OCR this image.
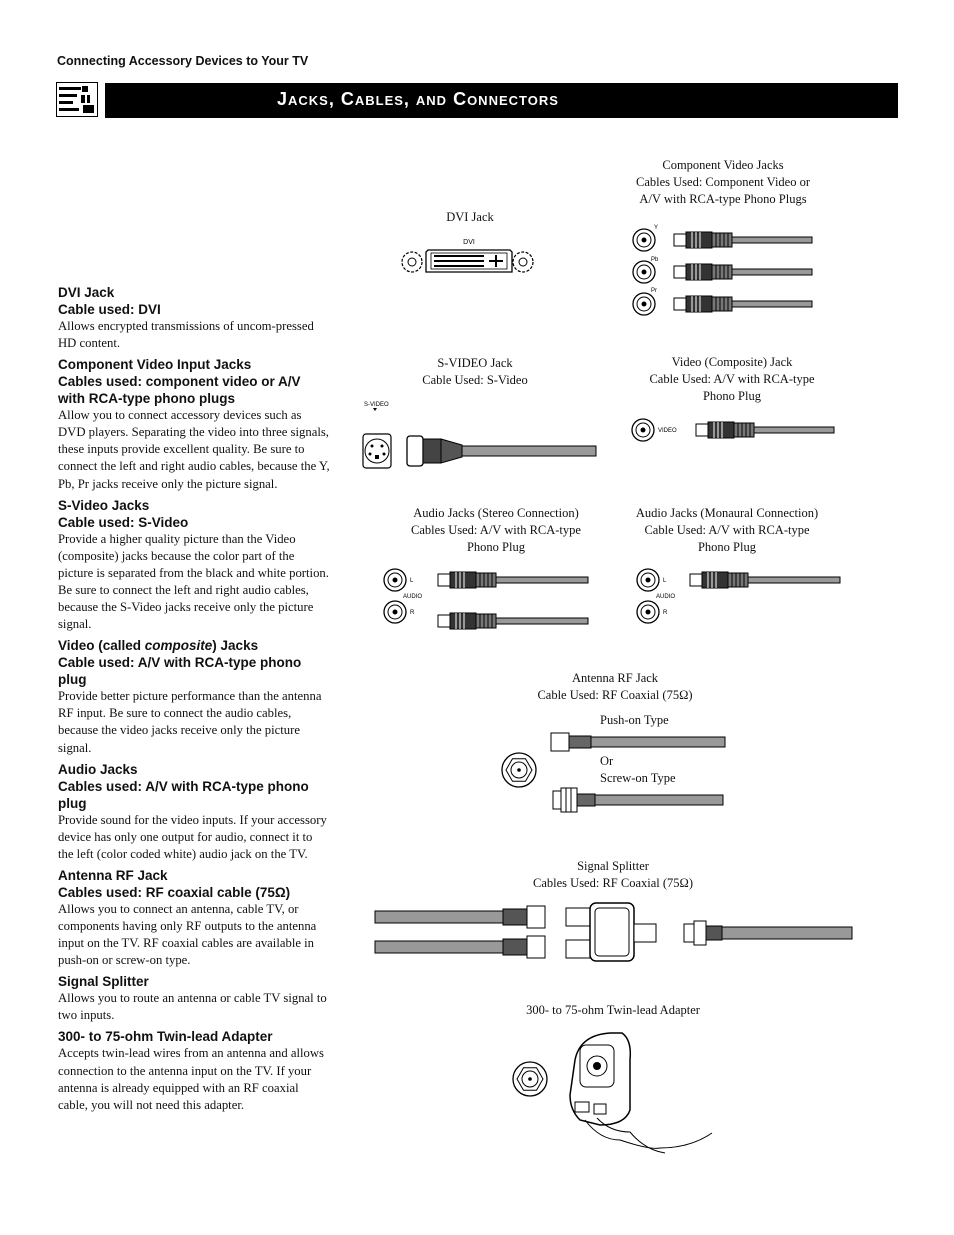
Connecting Accessory Devices to Your TV
Jacks, Cables, and Connectors
DVI Jack
Cable used: DVI

Allows encrypted transmissions of uncom-pressed HD content.

Component Video Input Jacks
Cables used: component video or A/V with RCA-type phono plugs

Allow you to connect accessory devices such as DVD players. Separating the video into three signals, these inputs provide excellent quality. Be sure to connect the left and right audio cables, because the Y, Pb, Pr jacks receive only the picture signal.

S-Video Jacks
Cable used: S-Video

Provide a higher quality picture than the Video (composite) jacks because the color part of the picture is separated from the black and white portion. Be sure to connect the left and right audio cables, because the S-Video jacks receive only the picture signal.

Video (called composite) Jacks
Cable used: A/V with RCA-type phono plug

Provide better picture performance than the antenna RF input. Be sure to connect the audio cables, because the video jacks receive only the picture signal.

Audio Jacks
Cables used: A/V with RCA-type phono plug

Provide sound for the video inputs. If your accessory device has only one output for audio, connect it to the left (color coded white) audio jack on the TV.

Antenna RF Jack
Cables used: RF coaxial cable (75Ω)

Allows you to connect an antenna, cable TV, or components having only RF outputs to the antenna input on the TV. RF coaxial cables are available in push-on or screw-on type.

Signal Splitter

Allows you to route an antenna or cable TV signal to two inputs.

300- to 75-ohm Twin-lead Adapter

Accepts twin-lead wires from an antenna and allows connection to the antenna input on the TV. If your antenna is already equipped with an RF coaxial cable, you will not need this adapter.

Component Video Jacks
Cables Used: Component Video or
A/V with RCA-type Phono Plugs
DVI Jack
S-VIDEO Jack
Cable Used: S-Video
Video (Composite) Jack
Cable Used: A/V with RCA-type
Phono Plug
Audio Jacks (Stereo Connection)
Cables Used: A/V with RCA-type
Phono Plug
Audio Jacks (Monaural Connection)
Cable Used: A/V with RCA-type
Phono Plug
Antenna RF Jack
Cable Used: RF Coaxial (75Ω)
Push-on Type
Or
Screw-on Type
Signal Splitter
Cables Used: RF Coaxial (75Ω)
300- to 75-ohm Twin-lead Adapter
DVI
Y
Pb
Pr
S-VIDEO
VIDEO
L
AUDIO
R
L
AUDIO
R
